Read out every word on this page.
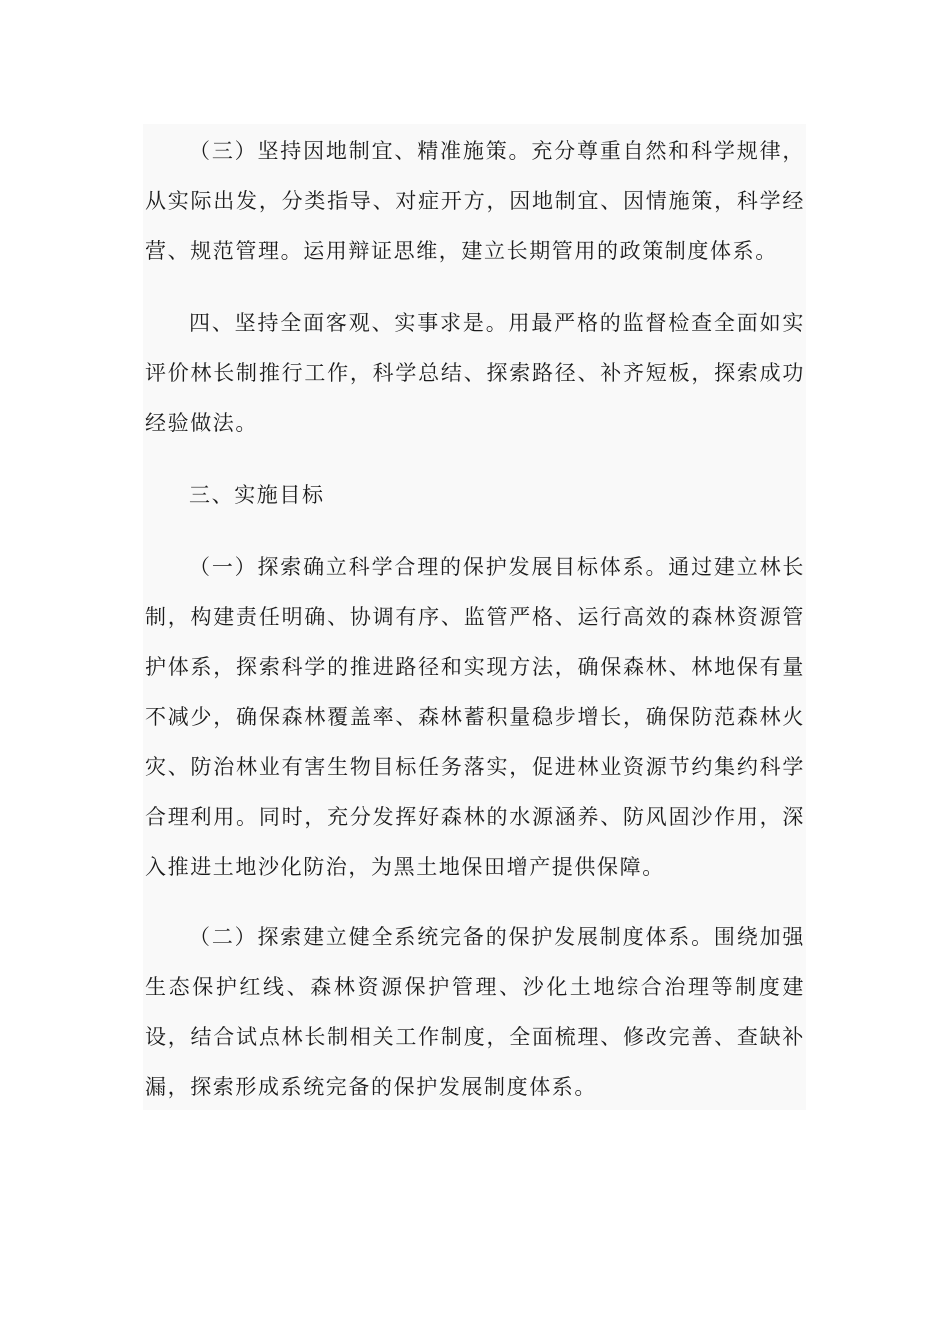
（三）坚持因地制宜、精准施策。充分尊重自然和科学规律，从实际出发，分类指导、对症开方，因地制宜、因情施策，科学经营、规范管理。运用辩证思维，建立长期管用的政策制度体系。

四、坚持全面客观、实事求是。用最严格的监督检查全面如实评价林长制推行工作，科学总结、探索路径、补齐短板，探索成功经验做法。

三、实施目标

（一）探索确立科学合理的保护发展目标体系。通过建立林长制，构建责任明确、协调有序、监管严格、运行高效的森林资源管护体系，探索科学的推进路径和实现方法，确保森林、林地保有量不减少，确保森林覆盖率、森林蓄积量稳步增长，确保防范森林火灾、防治林业有害生物目标任务落实，促进林业资源节约集约科学合理利用。同时，充分发挥好森林的水源涵养、防风固沙作用，深入推进土地沙化防治，为黑土地保田增产提供保障。

（二）探索建立健全系统完备的保护发展制度体系。围绕加强生态保护红线、森林资源保护管理、沙化土地综合治理等制度建设，结合试点林长制相关工作制度，全面梳理、修改完善、查缺补漏，探索形成系统完备的保护发展制度体系。
